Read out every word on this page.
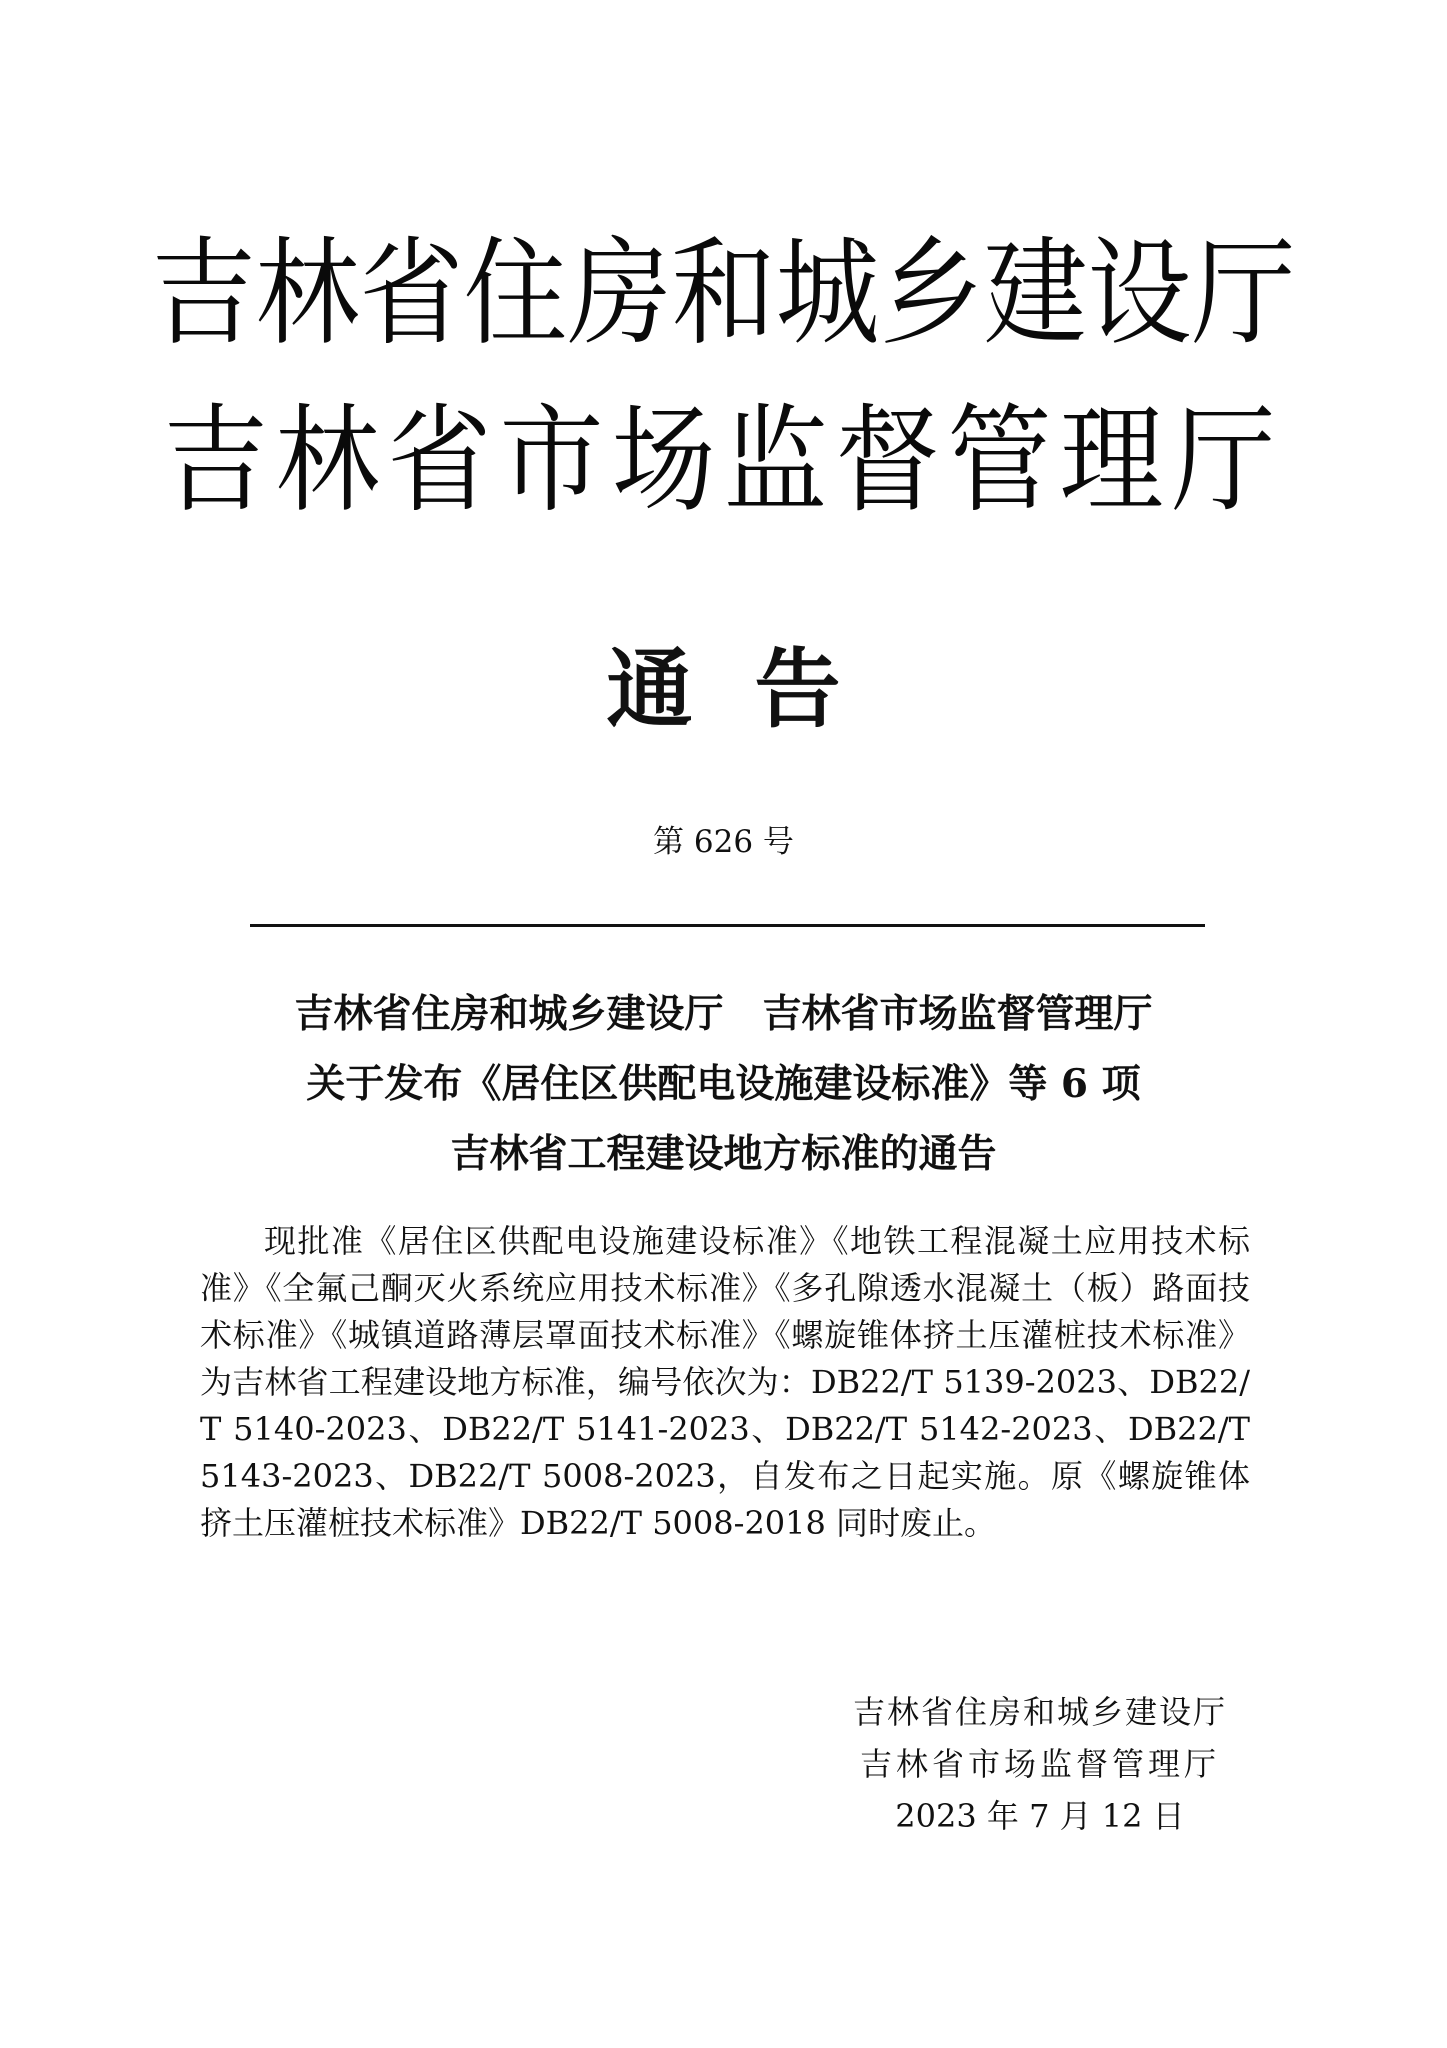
吉林省住房和城乡建设厅
吉林省市场监督管理厅
通告
第 626 号
吉林省住房和城乡建设厅　吉林省市场监督管理厅
关于发布《居住区供配电设施建设标准》等 6 项
吉林省工程建设地方标准的通告
现批准《居住区供配电设施建设标准》《地铁工程混凝土应用技术标准》《全氟己酮灭火系统应用技术标准》《多孔隙透水混凝土（板）路面技术标准》《城镇道路薄层罩面技术标准》《螺旋锥体挤土压灌桩技术标准》为吉林省工程建设地方标准，编号依次为：DB22/T 5139-2023、DB22/T 5140-2023、DB22/T 5141-2023、DB22/T 5142-2023、DB22/T 5143-2023、DB22/T 5008-2023，自发布之日起实施。原《螺旋锥体挤土压灌桩技术标准》DB22/T 5008-2018 同时废止。
吉林省住房和城乡建设厅
吉林省市场监督管理厅
2023 年 7 月 12 日
